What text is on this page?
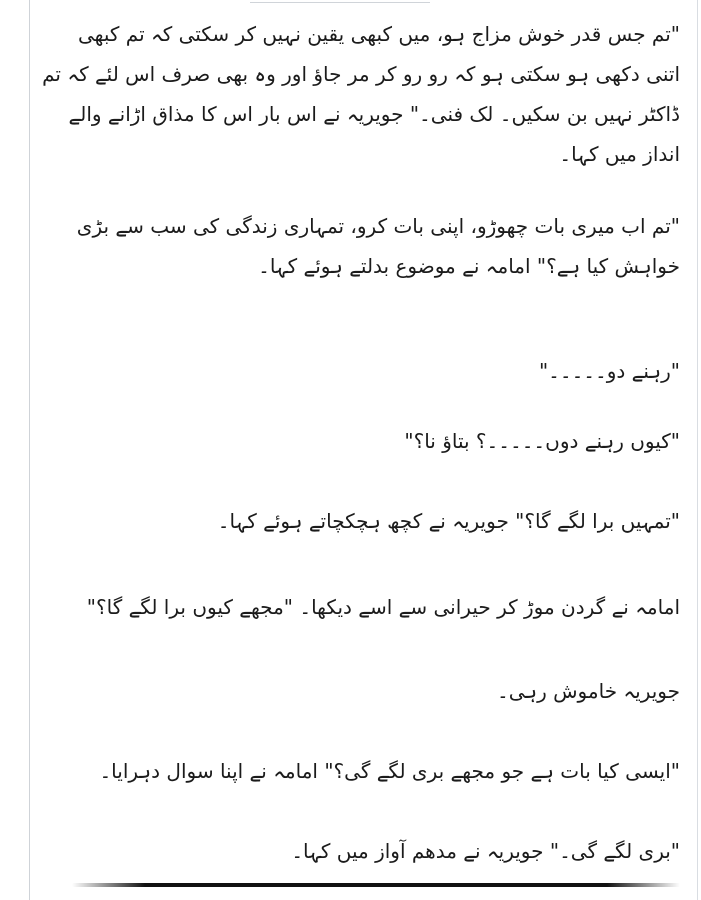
"تم جس قدر خوش مزاج ہو، میں کبھی یقین نہیں کر سکتی کہ تم کبھی اتنی دکھی ہو سکتی ہو کہ رو رو کر مر جاؤ اور وہ بھی صرف اس لئے کہ تم ڈاکٹر نہیں بن سکیں۔ لک فنی۔" جویریہ نے اس بار اس کا مذاق اڑانے والے انداز میں کہا۔

"تم اب میری بات چھوڑو، اپنی بات کرو، تمہاری زندگی کی سب سے بڑی خواہش کیا ہے؟" امامہ نے موضوع بدلتے ہوئے کہا۔

"رہنے دو۔۔۔۔۔"

"کیوں رہنے دوں۔۔۔۔۔؟ بتاؤ نا؟"

"تمہیں برا لگے گا؟" جویریہ نے کچھ ہچکچاتے ہوئے کہا۔

امامہ نے گردن موڑ کر حیرانی سے اسے دیکھا۔ "مجھے کیوں برا لگے گا؟"

جویریہ خاموش رہی۔

"ایسی کیا بات ہے جو مجھے بری لگے گی؟" امامہ نے اپنا سوال دہرایا۔

"بری لگے گی۔" جویریہ نے مدھم آواز میں کہا۔
